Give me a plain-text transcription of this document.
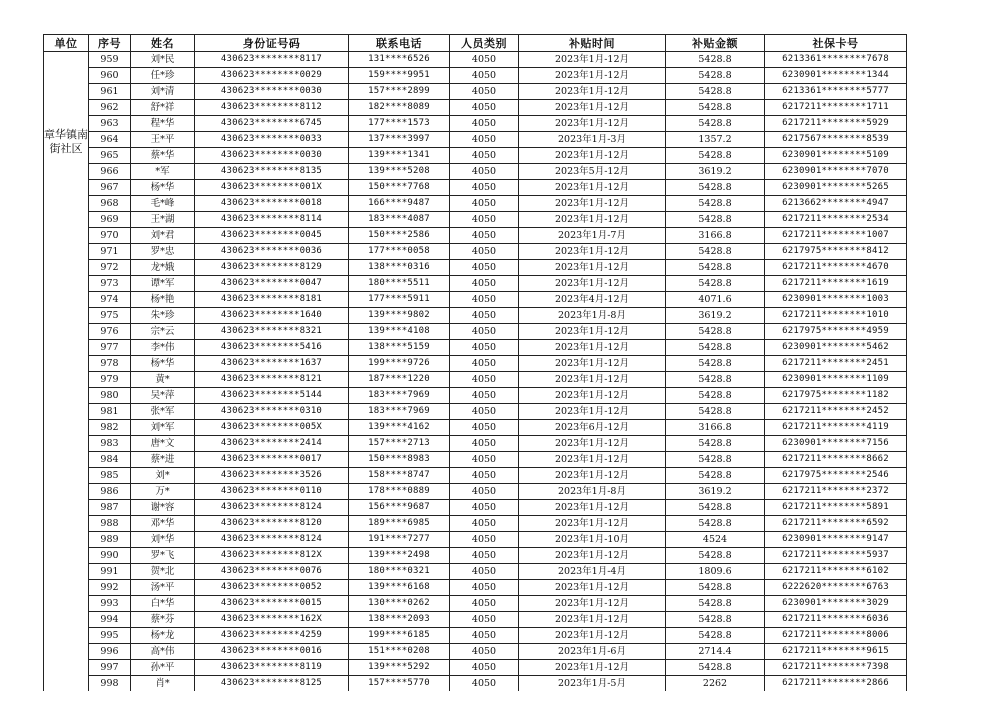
单位	序号	姓名	身份证号码	联系电话	人员类别	补贴时间	补贴金额	社保卡号
章华镇南街社区	959	刘*民	430623********8117	131****6526	4050	2023年1月-12月	5428.8	6213361********7678
	960	任*珍	430623********0029	159****9951	4050	2023年1月-12月	5428.8	6230901********1344
	961	刘*清	430623********0030	157****2899	4050	2023年1月-12月	5428.8	6213361********5777
	962	舒*祥	430623********8112	182****8089	4050	2023年1月-12月	5428.8	6217211********1711
	963	程*华	430623********6745	177****1573	4050	2023年1月-12月	5428.8	6217211********5929
	964	王*平	430623********0033	137****3997	4050	2023年1月-3月	1357.2	6217567********8539
	965	蔡*华	430623********0030	139****1341	4050	2023年1月-12月	5428.8	6230901********5109
	966	*军	430623********8135	139****5208	4050	2023年5月-12月	3619.2	6230901********7070
	967	杨*华	430623********001X	150****7768	4050	2023年1月-12月	5428.8	6230901********5265
	968	毛*峰	430623********0018	166****9487	4050	2023年1月-12月	5428.8	6213662********4947
	969	王*湖	430623********8114	183****4087	4050	2023年1月-12月	5428.8	6217211********2534
	970	刘*君	430623********0045	150****2586	4050	2023年1月-7月	3166.8	6217211********1007
	971	罗*忠	430623********0036	177****0058	4050	2023年1月-12月	5428.8	6217975********8412
	972	龙*娥	430623********8129	138****0316	4050	2023年1月-12月	5428.8	6217211********4670
	973	谭*军	430623********0047	180****5511	4050	2023年1月-12月	5428.8	6217211********1619
	974	杨*艳	430623********8181	177****5911	4050	2023年4月-12月	4071.6	6230901********1003
	975	朱*珍	430623********1640	139****9802	4050	2023年1月-8月	3619.2	6217211********1010
	976	宗*云	430623********8321	139****4108	4050	2023年1月-12月	5428.8	6217975********4959
	977	李*伟	430623********5416	138****5159	4050	2023年1月-12月	5428.8	6230901********5462
	978	杨*华	430623********1637	199****9726	4050	2023年1月-12月	5428.8	6217211********2451
	979	黄*	430623********8121	187****1220	4050	2023年1月-12月	5428.8	6230901********1109
	980	吴*萍	430623********5144	183****7969	4050	2023年1月-12月	5428.8	6217975********1182
	981	张*军	430623********0310	183****7969	4050	2023年1月-12月	5428.8	6217211********2452
	982	刘*军	430623********005X	139****4162	4050	2023年6月-12月	3166.8	6217211********4119
	983	唐*文	430623********2414	157****2713	4050	2023年1月-12月	5428.8	6230901********7156
	984	蔡*进	430623********0017	150****8983	4050	2023年1月-12月	5428.8	6217211********8662
	985	刘*	430623********3526	158****8747	4050	2023年1月-12月	5428.8	6217975********2546
	986	万*	430623********0110	178****0889	4050	2023年1月-8月	3619.2	6217211********2372
	987	谢*容	430623********8124	156****9687	4050	2023年1月-12月	5428.8	6217211********5891
	988	邓*华	430623********8120	189****6985	4050	2023年1月-12月	5428.8	6217211********6592
	989	刘*华	430623********8124	191****7277	4050	2023年1月-10月	4524	6230901********9147
	990	罗*飞	430623********812X	139****2498	4050	2023年1月-12月	5428.8	6217211********5937
	991	贺*北	430623********0076	180****0321	4050	2023年1月-4月	1809.6	6217211********6102
	992	汤*平	430623********0052	139****6168	4050	2023年1月-12月	5428.8	6222620********6763
	993	白*华	430623********0015	130****0262	4050	2023年1月-12月	5428.8	6230901********3029
	994	蔡*芬	430623********162X	138****2093	4050	2023年1月-12月	5428.8	6217211********6036
	995	杨*龙	430623********4259	199****6185	4050	2023年1月-12月	5428.8	6217211********8006
	996	高*伟	430623********0016	151****0208	4050	2023年1月-6月	2714.4	6217211********9615
	997	孙*平	430623********8119	139****5292	4050	2023年1月-12月	5428.8	6217211********7398
	998	肖*	430623********8125	157****5770	4050	2023年1月-5月	2262	6217211********2866
